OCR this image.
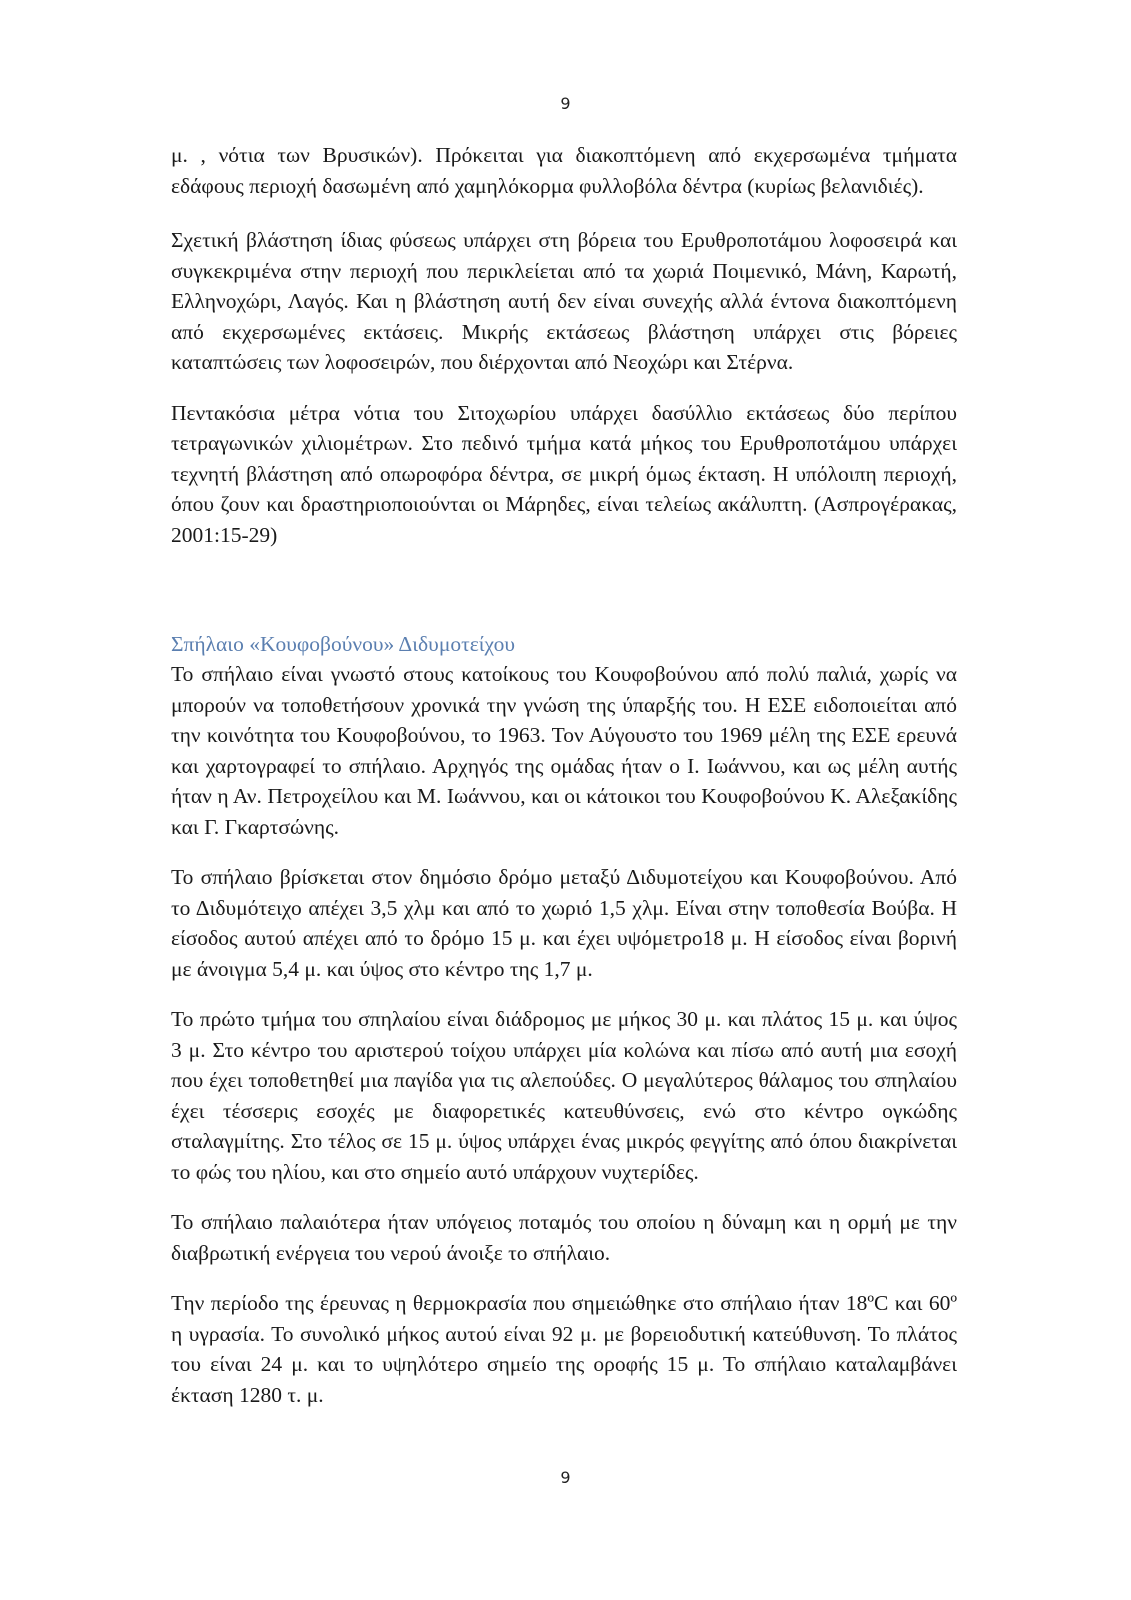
9

μ. , νότια των Βρυσικών). Πρόκειται για διακοπτόμενη από εκχερσωμένα τμήματα εδάφους περιοχή δασωμένη από χαμηλόκορμα φυλλοβόλα δέντρα (κυρίως βελανιδιές).

Σχετική βλάστηση ίδιας φύσεως υπάρχει στη βόρεια του Ερυθροποτάμου λοφοσειρά και συγκεκριμένα στην περιοχή που περικλείεται από τα χωριά Ποιμενικό, Μάνη, Καρωτή, Ελληνοχώρι, Λαγός. Και η βλάστηση αυτή δεν είναι συνεχής αλλά έντονα διακοπτόμενη από εκχερσωμένες εκτάσεις. Μικρής εκτάσεως βλάστηση υπάρχει στις βόρειες καταπτώσεις των λοφοσειρών, που διέρχονται από Νεοχώρι και Στέρνα.

Πεντακόσια μέτρα νότια του Σιτοχωρίου υπάρχει δασύλλιο εκτάσεως δύο περίπου τετραγωνικών χιλιομέτρων. Στο πεδινό τμήμα κατά μήκος του Ερυθροποτάμου υπάρχει τεχνητή βλάστηση από οπωροφόρα δέντρα, σε μικρή όμως έκταση. Η υπόλοιπη περιοχή, όπου ζουν και δραστηριοποιούνται οι Μάρηδες, είναι τελείως ακάλυπτη. (Ασπρογέρακας, 2001:15-29)

Σπήλαιο «Κουφοβούνου» Διδυμοτείχου

Το σπήλαιο είναι γνωστό στους κατοίκους του Κουφοβούνου από πολύ παλιά, χωρίς να μπορούν να τοποθετήσουν χρονικά την γνώση της ύπαρξής του. Η ΕΣΕ ειδοποιείται από την κοινότητα του Κουφοβούνου, το 1963. Τον Αύγουστο του 1969 μέλη της ΕΣΕ ερευνά και χαρτογραφεί το σπήλαιο. Αρχηγός της ομάδας ήταν ο Ι. Ιωάννου, και ως μέλη αυτής ήταν η Αν. Πετροχείλου και Μ. Ιωάννου, και οι κάτοικοι του Κουφοβούνου Κ. Αλεξακίδης και Γ. Γκαρτσώνης.

Το σπήλαιο βρίσκεται στον δημόσιο δρόμο μεταξύ Διδυμοτείχου και Κουφοβούνου. Από το Διδυμότειχο απέχει 3,5 χλμ και από το χωριό 1,5 χλμ. Είναι στην τοποθεσία Βούβα. Η είσοδος αυτού απέχει από το δρόμο 15 μ. και έχει υψόμετρο18 μ. Η είσοδος είναι βορινή με άνοιγμα 5,4 μ. και ύψος στο κέντρο της 1,7 μ.

Το πρώτο τμήμα του σπηλαίου είναι διάδρομος με μήκος 30 μ. και πλάτος 15 μ. και ύψος 3 μ. Στο κέντρο του αριστερού τοίχου υπάρχει μία κολώνα και πίσω από αυτή μια εσοχή που έχει τοποθετηθεί μια παγίδα για τις αλεπούδες. Ο μεγαλύτερος θάλαμος του σπηλαίου έχει τέσσερις εσοχές με διαφορετικές κατευθύνσεις, ενώ στο κέντρο ογκώδης σταλαγμίτης. Στο τέλος σε 15 μ. ύψος υπάρχει ένας μικρός φεγγίτης από όπου διακρίνεται το φώς του ηλίου, και στο σημείο αυτό υπάρχουν νυχτερίδες.

Το σπήλαιο παλαιότερα ήταν υπόγειος ποταμός του οποίου η δύναμη και η ορμή με την διαβρωτική ενέργεια του νερού άνοιξε το σπήλαιο.

Την περίοδο της έρευνας η θερμοκρασία που σημειώθηκε στο σπήλαιο ήταν 18ºC και 60º η υγρασία. Το συνολικό μήκος αυτού είναι 92 μ. με βορειοδυτική κατεύθυνση. Το πλάτος του είναι 24 μ. και το υψηλότερο σημείο της οροφής 15 μ. Το σπήλαιο καταλαμβάνει έκταση 1280 τ. μ.

9
